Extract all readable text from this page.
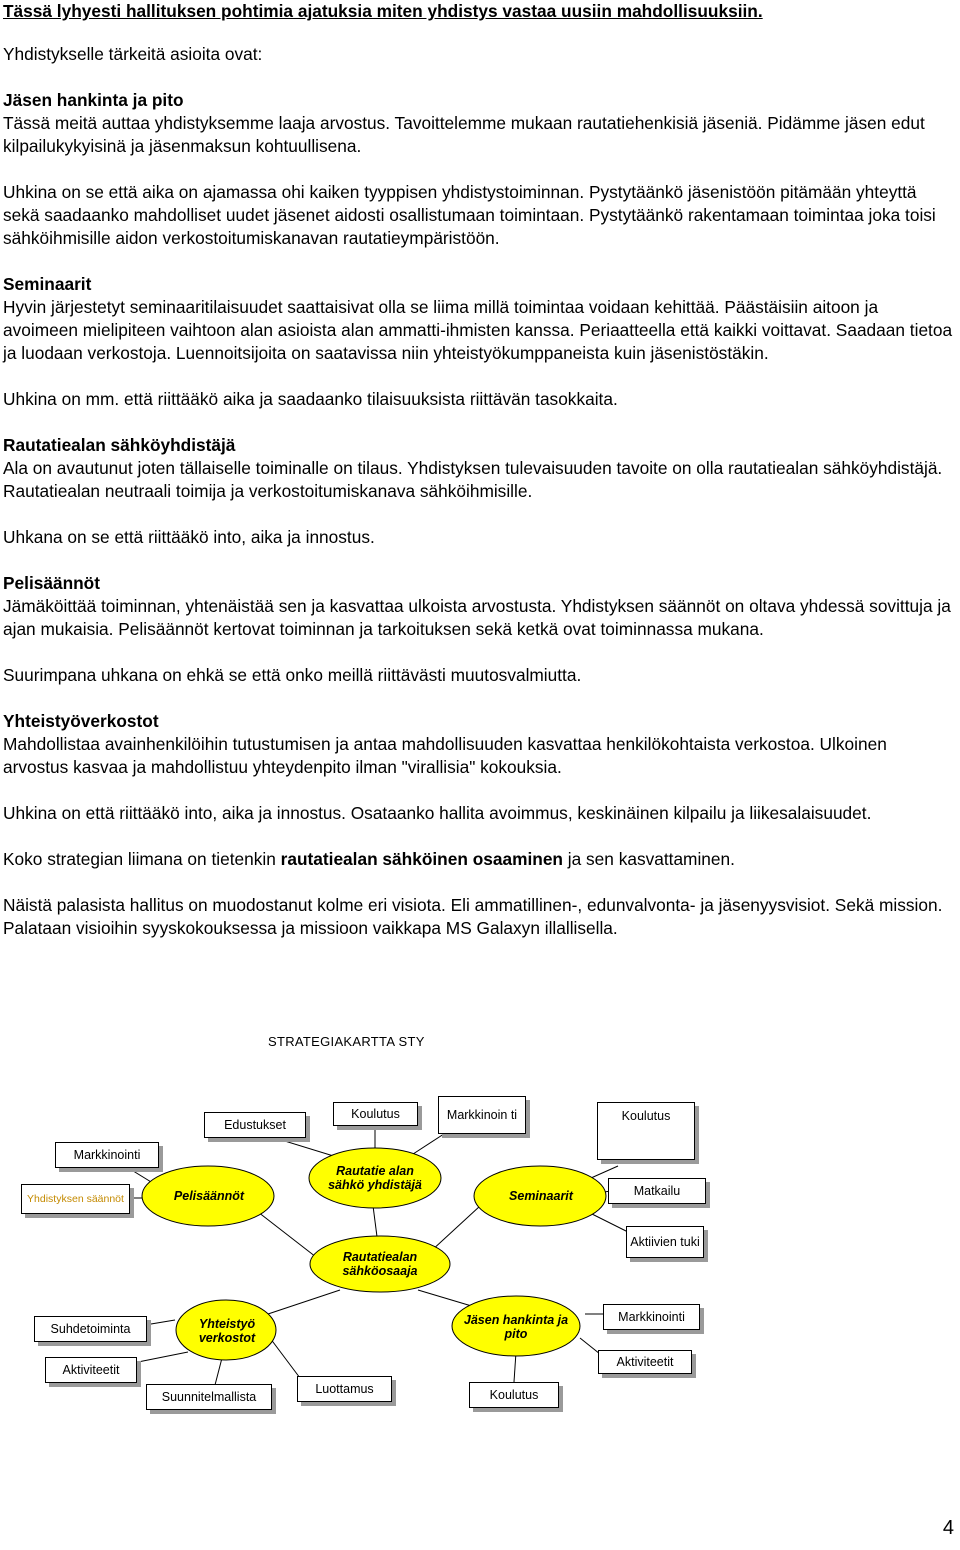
Tässä lyhyesti hallituksen pohtimia ajatuksia miten yhdistys vastaa uusiin mahdollisuuksiin.

Yhdistykselle tärkeitä asioita ovat:

Jäsen hankinta ja pito
Tässä meitä auttaa yhdistyksemme laaja arvostus. Tavoittelemme mukaan rautatiehenkisiä jäseniä. Pidämme jäsen edut kilpailukykyisinä ja jäsenmaksun kohtuullisena.

Uhkina on se että aika on ajamassa ohi kaiken tyyppisen yhdistystoiminnan. Pystytäänkö jäsenistöön pitämään yhteyttä sekä saadaanko mahdolliset uudet jäsenet aidosti osallistumaan toimintaan. Pystytäänkö rakentamaan toimintaa joka toisi sähköihmisille aidon verkostoitumiskanavan rautatieympäristöön.

Seminaarit
Hyvin järjestetyt seminaaritilaisuudet saattaisivat olla se liima millä toimintaa voidaan kehittää. Päästäisiin aitoon ja avoimeen mielipiteen vaihtoon alan asioista alan ammatti-ihmisten kanssa. Periaatteella että kaikki voittavat. Saadaan tietoa ja luodaan verkostoja. Luennoitsijoita on saatavissa niin yhteistyökumppaneista kuin jäsenistöstäkin.

Uhkina on mm. että riittääkö aika ja saadaanko tilaisuuksista riittävän tasokkaita.

Rautatiealan sähköyhdistäjä
Ala on avautunut joten tällaiselle toiminalle on tilaus. Yhdistyksen tulevaisuuden tavoite on olla rautatiealan sähköyhdistäjä. Rautatiealan neutraali toimija ja verkostoitumiskanava sähköihmisille.

Uhkana on se että riittääkö into, aika ja innostus.

Pelisäännöt
Jämäköittää toiminnan, yhtenäistää sen ja kasvattaa ulkoista arvostusta. Yhdistyksen säännöt on oltava yhdessä sovittuja ja ajan mukaisia. Pelisäännöt kertovat toiminnan ja tarkoituksen sekä ketkä ovat toiminnassa mukana.

Suurimpana uhkana on ehkä se että onko meillä riittävästi muutosvalmiutta.

Yhteistyöverkostot
Mahdollistaa avainhenkilöihin tutustumisen ja antaa mahdollisuuden kasvattaa henkilökohtaista verkostoa. Ulkoinen arvostus kasvaa ja mahdollistuu yhteydenpito ilman "virallisia" kokouksia.

Uhkina on että riittääkö into, aika ja innostus. Osataanko hallita avoimmus, keskinäinen kilpailu ja liikesalaisuudet.

Koko strategian liimana on tietenkin rautatiealan sähköinen osaaminen ja sen kasvattaminen.

Näistä palasista hallitus on muodostanut kolme eri visiota. Eli ammatillinen-, edunvalvonta- ja jäsenyysvisiot. Sekä mission. Palataan visioihin syyskokouksessa ja missioon vaikkapa MS Galaxyn illallisella.

STRATEGIAKARTTA STY
Rautatie alan sähkö yhdistäjä
Pelisäännöt	Seminaarit
Rautatiealan sähköosaaja
Yhteistyö verkostot
Jäsen hankinta ja pito
Edustukset
Koulutus	Markkinoin ti	Koulutus
Markkinointi
Yhdistyksen säännöt
Matkailu
Aktiivien tuki
Suhdetoiminta
Aktiviteetit
Suunnitelmallista
Luottamus	Koulutus
Markkinointi
Aktiviteetit
4
